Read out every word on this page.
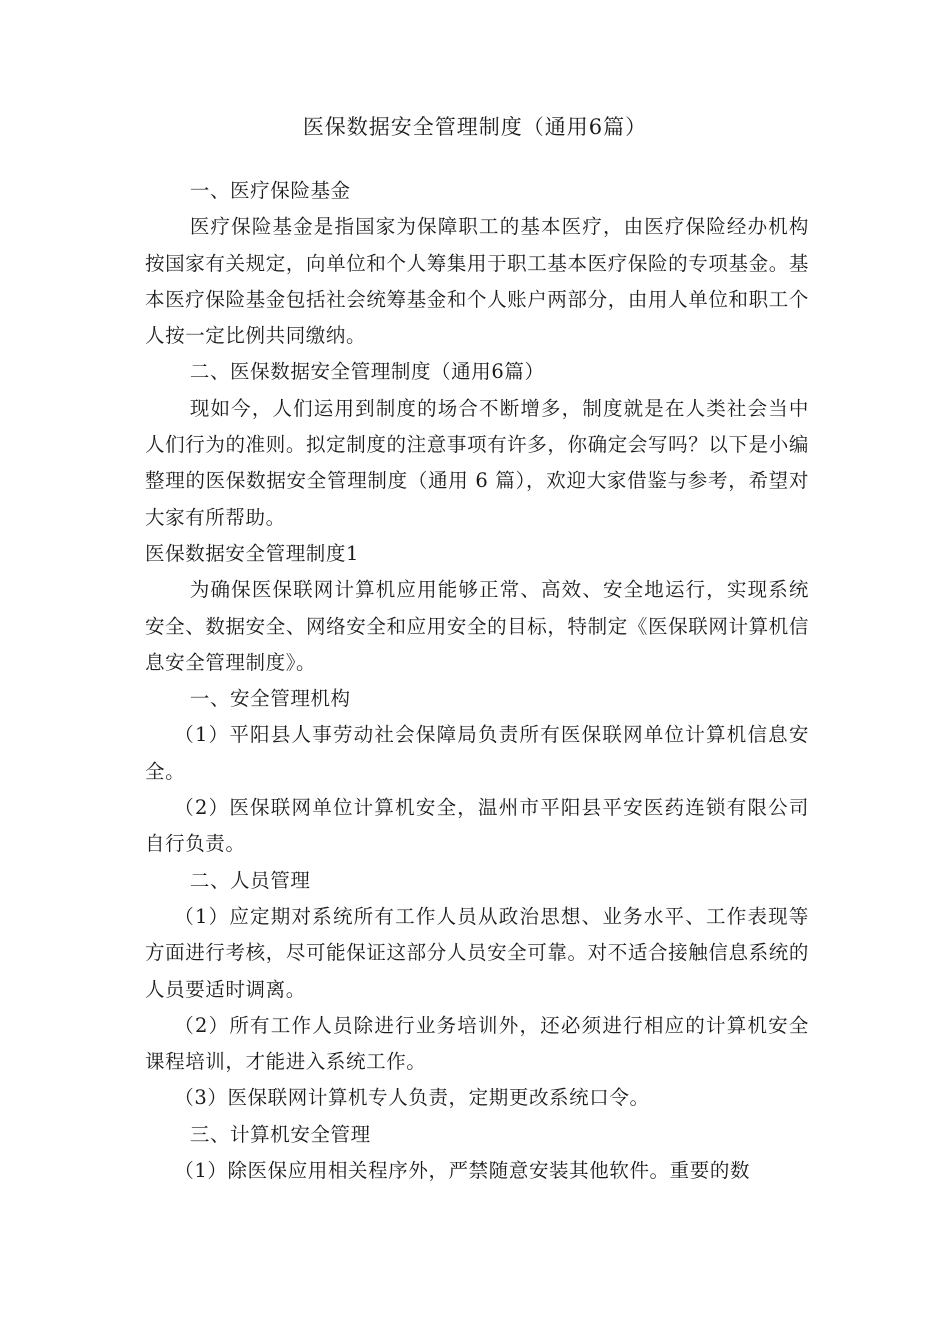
医保数据安全管理制度（通用6篇）

一、医疗保险基金

医疗保险基金是指国家为保障职工的基本医疗，由医疗保险经办机构按国家有关规定，向单位和个人筹集用于职工基本医疗保险的专项基金。基本医疗保险基金包括社会统筹基金和个人账户两部分，由用人单位和职工个人按一定比例共同缴纳。

二、医保数据安全管理制度（通用6篇）

现如今，人们运用到制度的场合不断增多，制度就是在人类社会当中人们行为的准则。拟定制度的注意事项有许多，你确定会写吗？以下是小编整理的医保数据安全管理制度（通用 6 篇），欢迎大家借鉴与参考，希望对大家有所帮助。

医保数据安全管理制度1

为确保医保联网计算机应用能够正常、高效、安全地运行，实现系统安全、数据安全、网络安全和应用安全的目标，特制定《医保联网计算机信息安全管理制度》。

一、安全管理机构

（1）平阳县人事劳动社会保障局负责所有医保联网单位计算机信息安全。

（2）医保联网单位计算机安全，温州市平阳县平安医药连锁有限公司自行负责。

二、人员管理

（1）应定期对系统所有工作人员从政治思想、业务水平、工作表现等方面进行考核，尽可能保证这部分人员安全可靠。对不适合接触信息系统的人员要适时调离。

（2）所有工作人员除进行业务培训外，还必须进行相应的计算机安全课程培训，才能进入系统工作。

（3）医保联网计算机专人负责，定期更改系统口令。

三、计算机安全管理

（1）除医保应用相关程序外，严禁随意安装其他软件。重要的数
